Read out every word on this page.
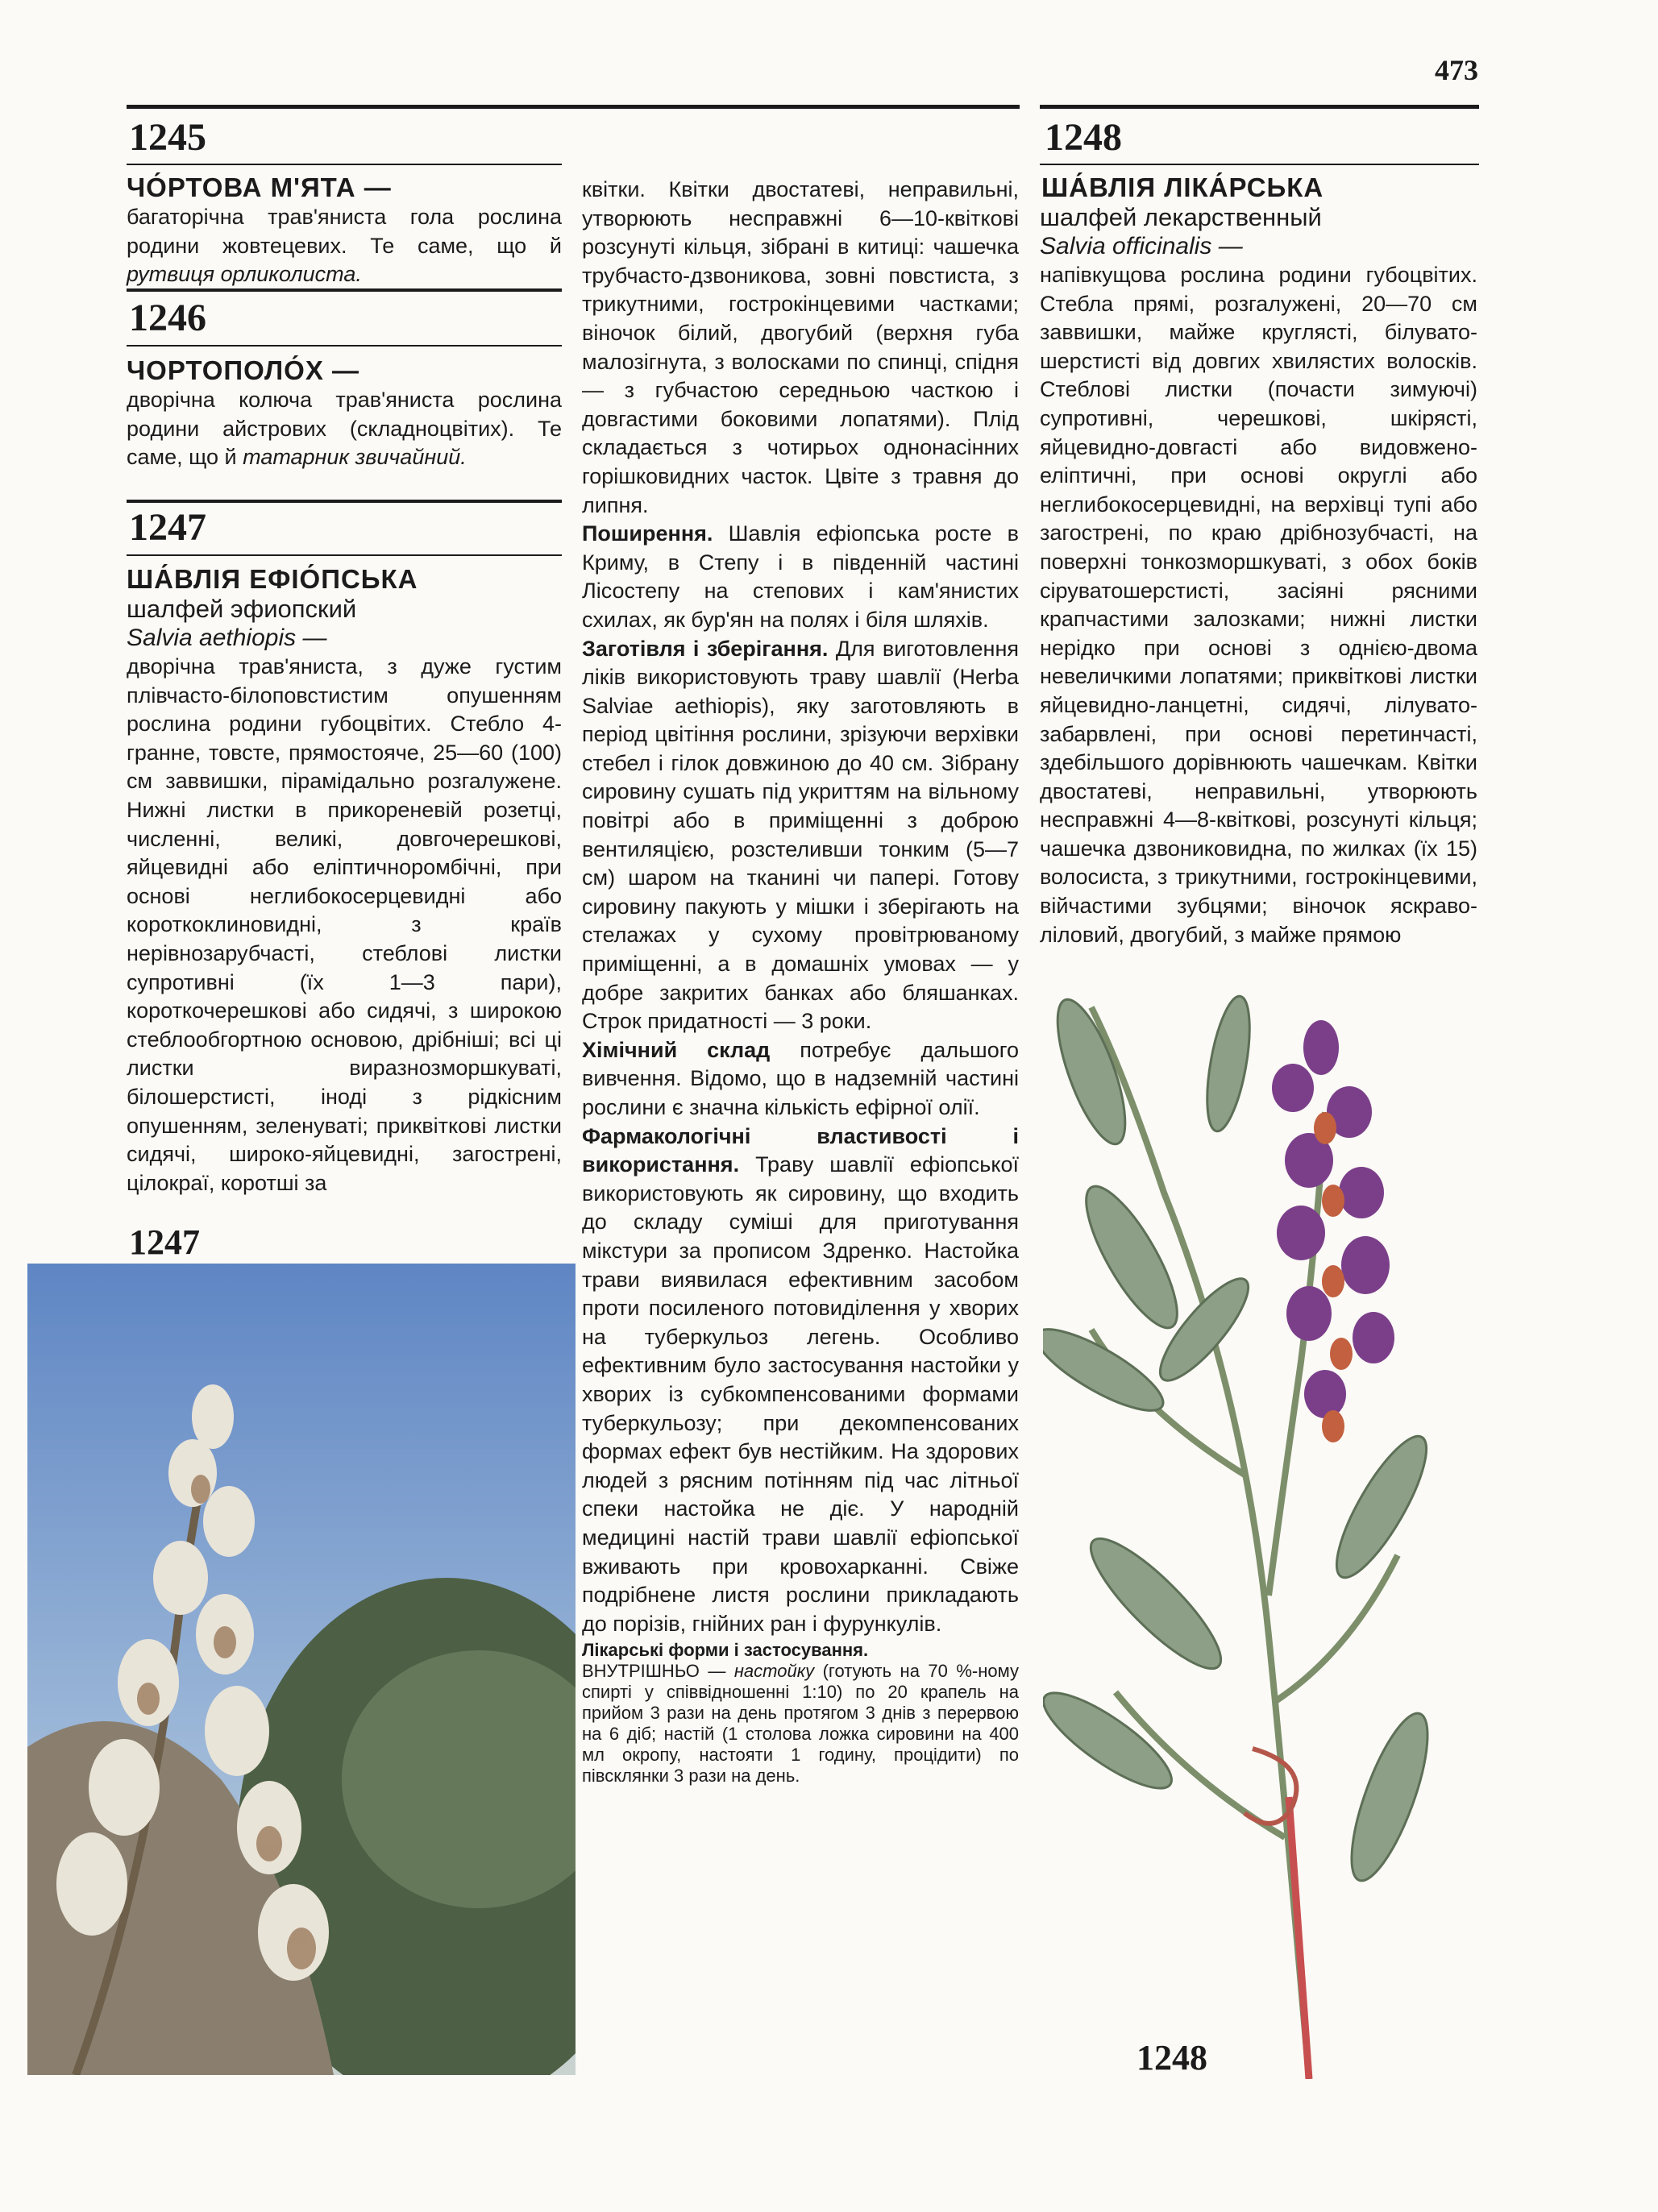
473
1245
ЧО́РТОВА М'ЯТА —
багаторічна трав'яниста гола рослина родини жовтецевих. Те саме, що й рутвиця орликолиста.
1246
ЧОРТОПОЛО́Х —
дворічна колюча трав'яниста рослина родини айстрових (складноцвітих). Те саме, що й татарник звичайний.
1247
ША́ВЛІЯ ЕФІО́ПСЬКА

шалфей эфиопский

Salvia aethiopis —

дворічна трав'яниста, з дуже густим плівчасто-білоповстистим опушенням рослина родини губоцвітих. Стебло 4-гранне, товсте, прямостояче, 25—60 (100) см заввишки, пірамідально розгалужене. Нижні листки в прикореневій розетці, численні, великі, довгочерешкові, яйцевидні або еліптичноромбічні, при основі неглибокосерцевидні або короткоклиновидні, з країв нерівнозарубчасті, стеблові листки супротивні (їх 1—3 пари), короткочерешкові або сидячі, з широкою стеблообгортною основою, дрібніші; всі ці листки виразнозморшкуваті, білошерстисті, іноді з рідкісним опушенням, зеленуваті; приквіткові листки сидячі, широко-яйцевидні, загострені, цілокраї, коротші за

квітки. Квітки двостатеві, неправильні, утворюють несправжні 6—10-квіткові розсунуті кільця, зібрані в китиці: чашечка трубчасто-дзвоникова, зовні повстиста, з трикутними, гострокінцевими частками; віночок білий, двогубий (верхня губа малозігнута, з волосками по спинці, спідня — з губчастою середньою часткою і довгастими боковими лопатями). Плід складається з чотирьох однонасінних горішковидних часток. Цвіте з травня до липня.

Поширення. Шавлія ефіопська росте в Криму, в Степу і в південній частині Лісостепу на степових і кам'янистих схилах, як бур'ян на полях і біля шляхів.

Заготівля і зберігання. Для виготовлення ліків використовують траву шавлії (Herba Salviae aethiopis), яку заготовляють в період цвітіння рослини, зрізуючи верхівки стебел і гілок довжиною до 40 см. Зібрану сировину сушать під укриттям на вільному повітрі або в приміщенні з доброю вентиляцією, розстеливши тонким (5—7 см) шаром на тканині чи папері. Готову сировину пакують у мішки і зберігають на стелажах у сухому провітрюваному приміщенні, а в домашніх умовах — у добре закритих банках або бляшанках. Строк придатності — 3 роки.

Хімічний склад потребує дальшого вивчення. Відомо, що в надземній частині рослини є значна кількість ефірної олії.

Фармакологічні властивості і використання. Траву шавлії ефіопської використовують як сировину, що входить до складу суміші для приготування мікстури за прописом Здренко. Настойка трави виявилася ефективним засобом проти посиленого потовиділення у хворих на туберкульоз легень. Особливо ефективним було застосування настойки у хворих із субкомпенсованими формами туберкульозу; при декомпенсованих формах ефект був нестійким. На здорових людей з рясним потінням під час літньої спеки настойка не діє. У народній медицині настій трави шавлії ефіопської вживають при кровохарканні. Свіже подрібнене листя рослини прикладають до порізів, гнійних ран і фурункулів.

Лікарські форми і застосування.
ВНУТРІШНЬО — настойку (готують на 70 %-ному спирті у співвідношенні 1:10) по 20 крапель на прийом 3 рази на день протягом 3 днів з перервою на 6 діб; настій (1 столова ложка сировини на 400 мл окропу, настояти 1 годину, процідити) по півсклянки 3 рази на день.

1248
ША́ВЛІЯ ЛІКА́РСЬКА

шалфей лекарственный

Salvia officinalis —

напівкущова рослина родини губоцвітих. Стебла прямі, розгалужені, 20—70 см заввишки, майже круглясті, білувато-шерстисті від довгих хвилястих волосків. Стеблові листки (почасти зимуючі) супротивні, черешкові, шкірясті, яйцевидно-довгасті або видовжено-еліптичні, при основі округлі або неглибокосерцевидні, на верхівці тупі або загострені, по краю дрібнозубчасті, на поверхні тонкозморшкуваті, з обох боків сіруватошерстисті, засіяні рясними крапчастими залозками; нижні листки нерідко при основі з однією-двома невеличкими лопатями; приквіткові листки яйцевидно-ланцетні, сидячі, лілувато-забарвлені, при основі перетинчасті, здебільшого дорівнюють чашечкам. Квітки двостатеві, неправильні, утворюють несправжні 4—8-квіткові, розсунуті кільця; чашечка дзвониковидна, по жилках (їх 15) волосиста, з трикутними, гострокінцевими, війчастими зубцями; віночок яскраво-ліловий, двогубий, з майже прямою

1247
1248
